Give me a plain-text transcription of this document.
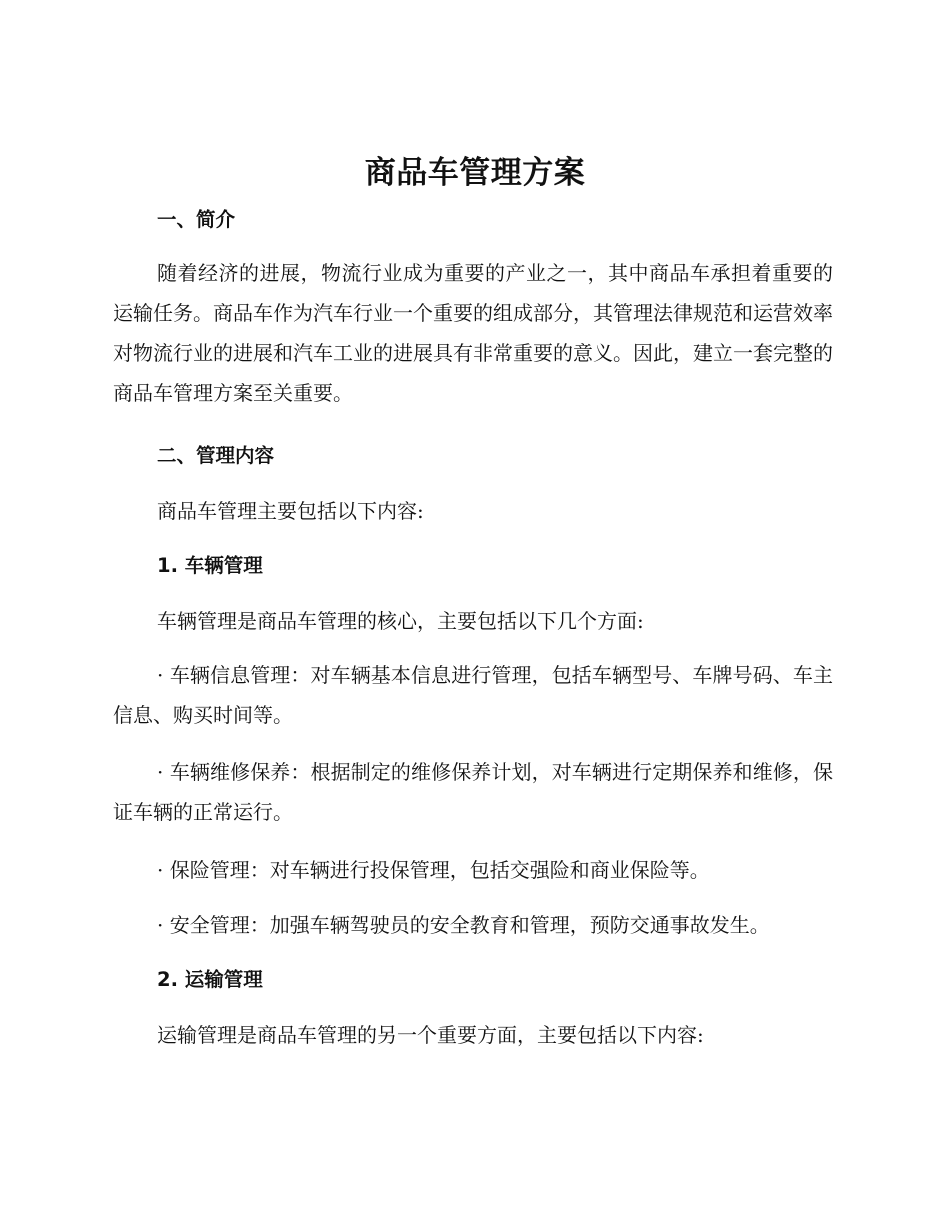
商品车管理方案
一、简介

随着经济的进展，物流行业成为重要的产业之一，其中商品车承担着重要的运输任务。商品车作为汽车行业一个重要的组成部分，其管理法律规范和运营效率对物流行业的进展和汽车工业的进展具有非常重要的意义。因此，建立一套完整的商品车管理方案至关重要。

二、管理内容

商品车管理主要包括以下内容:

1. 车辆管理

车辆管理是商品车管理的核心，主要包括以下几个方面:

· 车辆信息管理：对车辆基本信息进行管理，包括车辆型号、车牌号码、车主信息、购买时间等。

· 车辆维修保养：根据制定的维修保养计划，对车辆进行定期保养和维修，保证车辆的正常运行。

· 保险管理：对车辆进行投保管理，包括交强险和商业保险等。

· 安全管理：加强车辆驾驶员的安全教育和管理，预防交通事故发生。

2. 运输管理

运输管理是商品车管理的另一个重要方面，主要包括以下内容:
